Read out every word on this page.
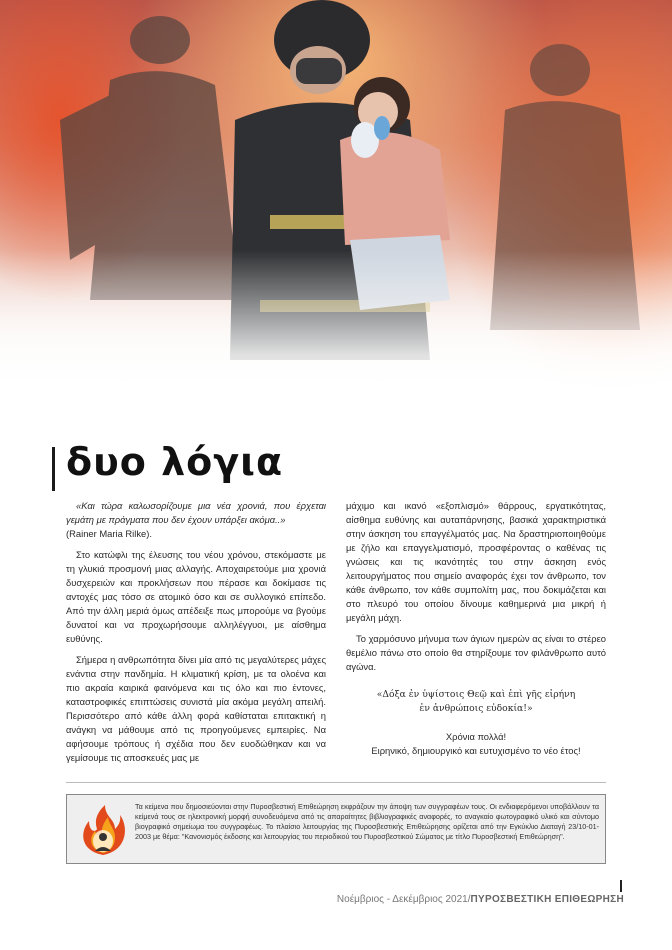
δυο λόγια

«Και τώρα καλωσορίζουμε μια νέα χρονιά, που έρχεται γεμάτη με πράγματα που δεν έχουν υπάρξει ακόμα..»

(Rainer Maria Rilke).

Στο κατώφλι της έλευσης του νέου χρόνου, στεκόμαστε με τη γλυκιά προσμονή μιας αλλαγής. Αποχαιρετούμε μια χρονιά δυσχερειών και προκλήσεων που πέρασε και δοκίμασε τις αντοχές μας τόσο σε ατομικό όσο και σε συλλογικό επίπεδο. Από την άλλη μεριά όμως απέδειξε πως μπορούμε να βγούμε δυνατοί και να προχωρήσουμε αλληλέγγυοι, με αίσθημα ευθύνης.

Σήμερα η ανθρωπότητα δίνει μία από τις μεγαλύτερες μάχες ενάντια στην πανδημία. Η κλιματική κρίση, με τα ολοένα και πιο ακραία καιρικά φαινόμενα και τις όλο και πιο έντονες, καταστροφικές επιπτώσεις συνιστά μία ακόμα μεγάλη απειλή. Περισσότερο από κάθε άλλη φορά καθίσταται επιτακτική η ανάγκη να μάθουμε από τις προηγούμενες εμπειρίες. Να αφήσουμε τρόπους ή σχέδια που δεν ευοδώθηκαν και να γεμίσουμε τις αποσκευές μας με

μάχιμο και ικανό «εξοπλισμό» θάρρους, εργατικότητας, αίσθημα ευθύνης και αυταπάρνησης, βασικά χαρακτηριστικά στην άσκηση του επαγγέλματός μας. Να δραστηριοποιηθούμε με ζήλο και επαγγελματισμό, προσφέροντας ο καθένας τις γνώσεις και τις ικανότητές του στην άσκηση ενός λειτουργήματος που σημείο αναφοράς έχει τον άνθρωπο, τον κάθε άνθρωπο, τον κάθε συμπολίτη μας, που δοκιμάζεται και στο πλευρό του οποίου δίνουμε καθημερινά μια μικρή ή μεγάλη μάχη.

Το χαρμόσυνο μήνυμα των άγιων ημερών ας είναι το στέρεο θεμέλιο πάνω στο οποίο θα στηρίξουμε τον φιλάνθρωπο αυτό αγώνα.

«Δόξα ἐν ὑψίστοις Θεῷ καὶ ἐπὶ γῆς εἰρήνη
ἐν ἀνθρώποις εὐδοκία!»

Χρόνια πολλά!

Ειρηνικό, δημιουργικό και ευτυχισμένο το νέο έτος!

Τα κείμενα που δημοσιεύονται στην Πυροσβεστική Επιθεώρηση εκφράζουν την άποψη των συγγραφέων τους. Οι ενδιαφερόμενοι υποβάλλουν τα κείμενά τους σε ηλεκτρονική μορφή συνοδευόμενα από τις απαραίτητες βιβλιογραφικές αναφορές, το αναγκαίο φωτογραφικό υλικό και σύντομο βιογραφικό σημείωμα του συγγραφέως. Το πλαίσιο λειτουργίας της Πυροσβεστικής Επιθεώρησης ορίζεται από την Εγκύκλιο Διαταγή 23/10-01-2003 με θέμα: "Κανονισμός έκδοσης και λειτουργίας του περιοδικού του Πυροσβεστικού Σώματος με τίτλο Πυροσβεστική Επιθεώρηση".
Νοέμβριος - Δεκέμβριος 2021/ΠΥΡΟΣΒΕΣΤΙΚΗ ΕΠΙΘΕΩΡΗΣΗ
